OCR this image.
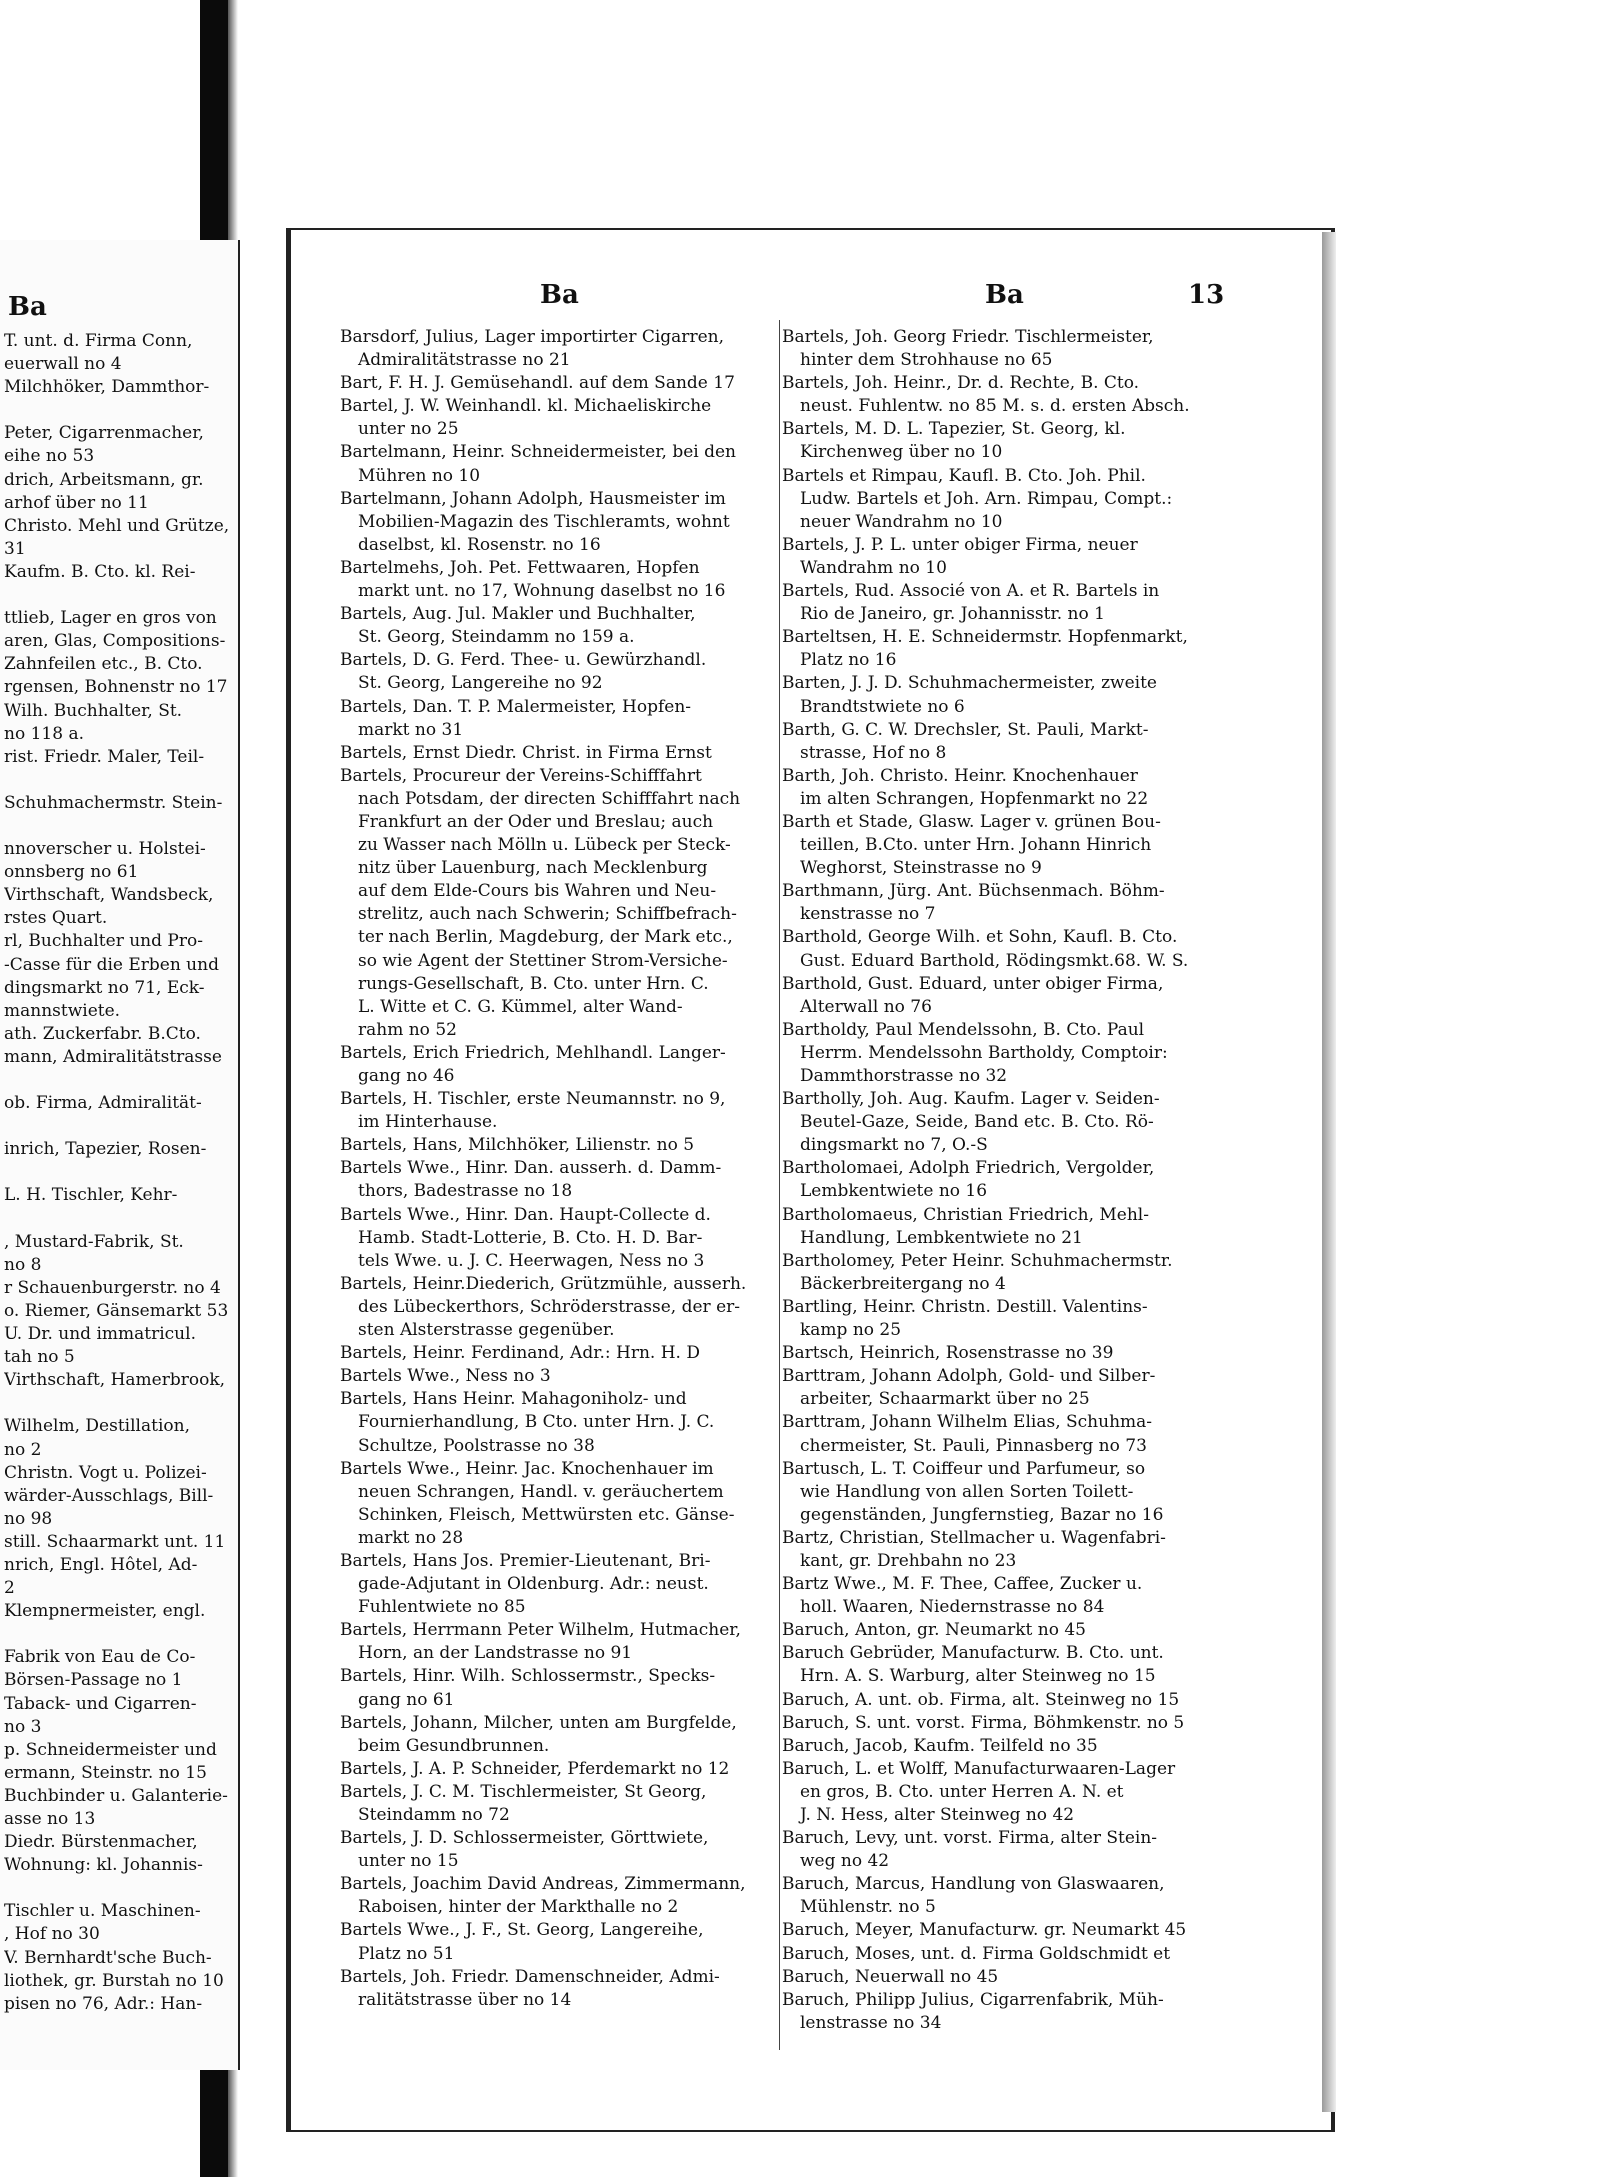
Ba
T. unt. d. Firma Conn,
euerwall no 4
Milchhöker, Dammthor-
Peter, Cigarrenmacher,
eihe no 53
drich, Arbeitsmann, gr.
arhof über no 11
Christo. Mehl und Grütze,
31
Kaufm. B. Cto. kl. Rei-
ttlieb, Lager en gros von
aren, Glas, Compositions-
Zahnfeilen etc., B. Cto.
rgensen, Bohnenstr no 17
Wilh. Buchhalter, St.
no 118 a.
rist. Friedr. Maler, Teil-
Schuhmachermstr. Stein-
nnoverscher u. Holstei-
onnsberg no 61
Virthschaft, Wandsbeck,
rstes Quart.
rl, Buchhalter und Pro-
-Casse für die Erben und
dingsmarkt no 71, Eck-
mannstwiete.
ath. Zuckerfabr. B.Cto.
mann, Admiralitätstrasse
ob. Firma, Admiralität-
inrich, Tapezier, Rosen-
L. H. Tischler, Kehr-
, Mustard-Fabrik, St.
no 8
r Schauenburgerstr. no 4
o. Riemer, Gänsemarkt 53
U. Dr. und immatricul.
tah no 5
Virthschaft, Hamerbrook,
Wilhelm, Destillation,
no 2
Christn. Vogt u. Polizei-
wärder-Ausschlags, Bill-
no 98
still. Schaarmarkt unt. 11
nrich, Engl. Hôtel, Ad-
2
Klempnermeister, engl.
Fabrik von Eau de Co-
Börsen-Passage no 1
Taback- und Cigarren-
no 3
p. Schneidermeister und
ermann, Steinstr. no 15
Buchbinder u. Galanterie-
asse no 13
Diedr. Bürstenmacher,
Wohnung: kl. Johannis-
Tischler u. Maschinen-
, Hof no 30
V. Bernhardt'sche Buch-
liothek, gr. Burstah no 10
pisen no 76, Adr.: Han-
Ba	Ba	13
Barsdorf, Julius, Lager importirter Cigarren,
Admiralitätstrasse no 21
Bart, F. H. J. Gemüsehandl. auf dem Sande 17
Bartel, J. W. Weinhandl. kl. Michaeliskirche
unter no 25
Bartelmann, Heinr. Schneidermeister, bei den
Mühren no 10
Bartelmann, Johann Adolph, Hausmeister im
Mobilien-Magazin des Tischleramts, wohnt
daselbst, kl. Rosenstr. no 16
Bartelmehs, Joh. Pet. Fettwaaren, Hopfen
markt unt. no 17, Wohnung daselbst no 16
Bartels, Aug. Jul. Makler und Buchhalter,
St. Georg, Steindamm no 159 a.
Bartels, D. G. Ferd. Thee- u. Gewürzhandl.
St. Georg, Langereihe no 92
Bartels, Dan. T. P. Malermeister, Hopfen-
markt no 31
Bartels, Ernst Diedr. Christ. in Firma Ernst
Bartels, Procureur der Vereins-Schifffahrt
nach Potsdam, der directen Schifffahrt nach
Frankfurt an der Oder und Breslau; auch
zu Wasser nach Mölln u. Lübeck per Steck-
nitz über Lauenburg, nach Mecklenburg
auf dem Elde-Cours bis Wahren und Neu-
strelitz, auch nach Schwerin; Schiffbefrach-
ter nach Berlin, Magdeburg, der Mark etc.,
so wie Agent der Stettiner Strom-Versiche-
rungs-Gesellschaft, B. Cto. unter Hrn. C.
L. Witte et C. G. Kümmel, alter Wand-
rahm no 52
Bartels, Erich Friedrich, Mehlhandl. Langer-
gang no 46
Bartels, H. Tischler, erste Neumannstr. no 9,
im Hinterhause.
Bartels, Hans, Milchhöker, Lilienstr. no 5
Bartels Wwe., Hinr. Dan. ausserh. d. Damm-
thors, Badestrasse no 18
Bartels Wwe., Hinr. Dan. Haupt-Collecte d.
Hamb. Stadt-Lotterie, B. Cto. H. D. Bar-
tels Wwe. u. J. C. Heerwagen, Ness no 3
Bartels, Heinr.Diederich, Grützmühle, ausserh.
des Lübeckerthors, Schröderstrasse, der er-
sten Alsterstrasse gegenüber.
Bartels, Heinr. Ferdinand, Adr.: Hrn. H. D
Bartels Wwe., Ness no 3
Bartels, Hans Heinr. Mahagoniholz- und
Fournierhandlung, B Cto. unter Hrn. J. C.
Schultze, Poolstrasse no 38
Bartels Wwe., Heinr. Jac. Knochenhauer im
neuen Schrangen, Handl. v. geräuchertem
Schinken, Fleisch, Mettwürsten etc. Gänse-
markt no 28
Bartels, Hans Jos. Premier-Lieutenant, Bri-
gade-Adjutant in Oldenburg. Adr.: neust.
Fuhlentwiete no 85
Bartels, Herrmann Peter Wilhelm, Hutmacher,
Horn, an der Landstrasse no 91
Bartels, Hinr. Wilh. Schlossermstr., Specks-
gang no 61
Bartels, Johann, Milcher, unten am Burgfelde,
beim Gesundbrunnen.
Bartels, J. A. P. Schneider, Pferdemarkt no 12
Bartels, J. C. M. Tischlermeister, St Georg,
Steindamm no 72
Bartels, J. D. Schlossermeister, Görttwiete,
unter no 15
Bartels, Joachim David Andreas, Zimmermann,
Raboisen, hinter der Markthalle no 2
Bartels Wwe., J. F., St. Georg, Langereihe,
Platz no 51
Bartels, Joh. Friedr. Damenschneider, Admi-
ralitätstrasse über no 14
Bartels, Joh. Georg Friedr. Tischlermeister,
hinter dem Strohhause no 65
Bartels, Joh. Heinr., Dr. d. Rechte, B. Cto.
neust. Fuhlentw. no 85 M. s. d. ersten Absch.
Bartels, M. D. L. Tapezier, St. Georg, kl.
Kirchenweg über no 10
Bartels et Rimpau, Kaufl. B. Cto. Joh. Phil.
Ludw. Bartels et Joh. Arn. Rimpau, Compt.:
neuer Wandrahm no 10
Bartels, J. P. L. unter obiger Firma, neuer
Wandrahm no 10
Bartels, Rud. Associé von A. et R. Bartels in
Rio de Janeiro, gr. Johannisstr. no 1
Barteltsen, H. E. Schneidermstr. Hopfenmarkt,
Platz no 16
Barten, J. J. D. Schuhmachermeister, zweite
Brandtstwiete no 6
Barth, G. C. W. Drechsler, St. Pauli, Markt-
strasse, Hof no 8
Barth, Joh. Christo. Heinr. Knochenhauer
im alten Schrangen, Hopfenmarkt no 22
Barth et Stade, Glasw. Lager v. grünen Bou-
teillen, B.Cto. unter Hrn. Johann Hinrich
Weghorst, Steinstrasse no 9
Barthmann, Jürg. Ant. Büchsenmach. Böhm-
kenstrasse no 7
Barthold, George Wilh. et Sohn, Kaufl. B. Cto.
Gust. Eduard Barthold, Rödingsmkt.68. W. S.
Barthold, Gust. Eduard, unter obiger Firma,
Alterwall no 76
Bartholdy, Paul Mendelssohn, B. Cto. Paul
Herrm. Mendelssohn Bartholdy, Comptoir:
Dammthorstrasse no 32
Bartholly, Joh. Aug. Kaufm. Lager v. Seiden-
Beutel-Gaze, Seide, Band etc. B. Cto. Rö-
dingsmarkt no 7, O.-S
Bartholomaei, Adolph Friedrich, Vergolder,
Lembkentwiete no 16
Bartholomaeus, Christian Friedrich, Mehl-
Handlung, Lembkentwiete no 21
Bartholomey, Peter Heinr. Schuhmachermstr.
Bäckerbreitergang no 4
Bartling, Heinr. Christn. Destill. Valentins-
kamp no 25
Bartsch, Heinrich, Rosenstrasse no 39
Barttram, Johann Adolph, Gold- und Silber-
arbeiter, Schaarmarkt über no 25
Barttram, Johann Wilhelm Elias, Schuhma-
chermeister, St. Pauli, Pinnasberg no 73
Bartusch, L. T. Coiffeur und Parfumeur, so
wie Handlung von allen Sorten Toilett-
gegenständen, Jungfernstieg, Bazar no 16
Bartz, Christian, Stellmacher u. Wagenfabri-
kant, gr. Drehbahn no 23
Bartz Wwe., M. F. Thee, Caffee, Zucker u.
holl. Waaren, Niedernstrasse no 84
Baruch, Anton, gr. Neumarkt no 45
Baruch Gebrüder, Manufacturw. B. Cto. unt.
Hrn. A. S. Warburg, alter Steinweg no 15
Baruch, A. unt. ob. Firma, alt. Steinweg no 15
Baruch, S. unt. vorst. Firma, Böhmkenstr. no 5
Baruch, Jacob, Kaufm. Teilfeld no 35
Baruch, L. et Wolff, Manufacturwaaren-Lager
en gros, B. Cto. unter Herren A. N. et
J. N. Hess, alter Steinweg no 42
Baruch, Levy, unt. vorst. Firma, alter Stein-
weg no 42
Baruch, Marcus, Handlung von Glaswaaren,
Mühlenstr. no 5
Baruch, Meyer, Manufacturw. gr. Neumarkt 45
Baruch, Moses, unt. d. Firma Goldschmidt et
Baruch, Neuerwall no 45
Baruch, Philipp Julius, Cigarrenfabrik, Müh-
lenstrasse no 34
